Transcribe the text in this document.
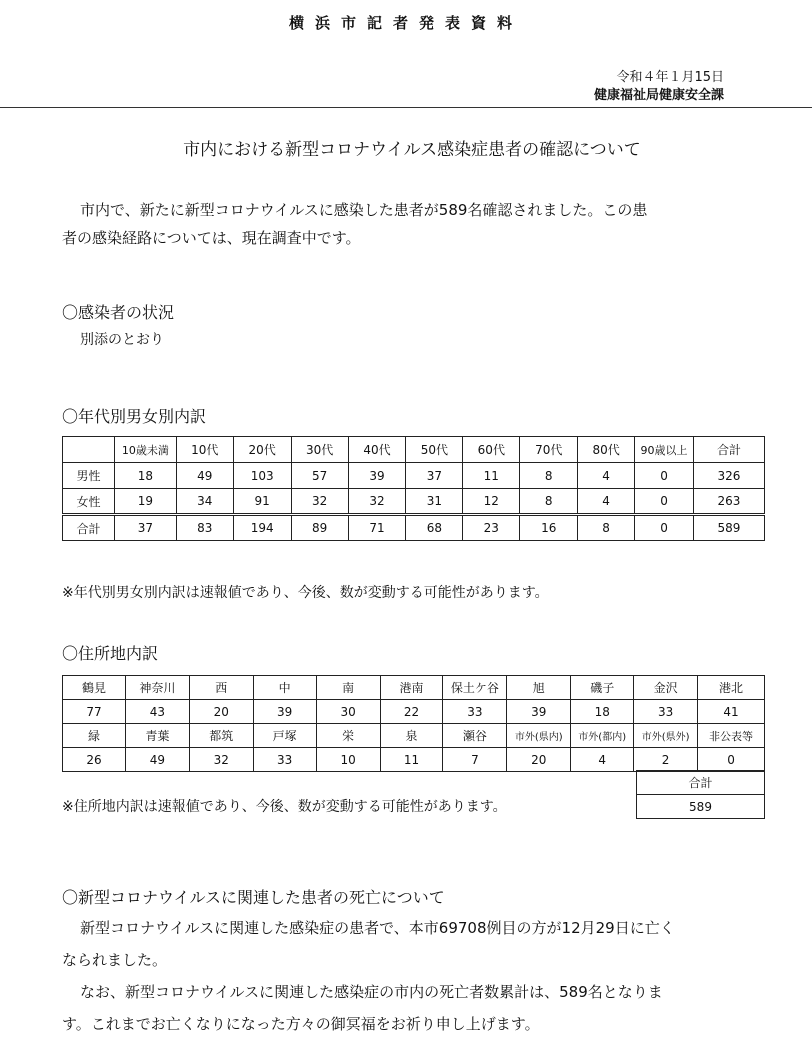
横浜市記者発表資料
令和４年１月15日
健康福祉局健康安全課
市内における新型コロナウイルス感染症患者の確認について
市内で、新たに新型コロナウイルスに感染した患者が589名確認されました。この患
者の感染経路については、現在調査中です。
〇感染者の状況
別添のとおり
〇年代別男女別内訳
	10歳未満	10代	20代	30代	40代	50代	60代	70代	80代	90歳以上	合計
男性	18	49	103	57	39	37	11	8	4	0	326
女性	19	34	91	32	32	31	12	8	4	0	263
合計	37	83	194	89	71	68	23	16	8	0	589
※年代別男女別内訳は速報値であり、今後、数が変動する可能性があります。
〇住所地内訳
鶴見	神奈川	西	中	南	港南	保土ケ谷	旭	磯子	金沢	港北
77	43	20	39	30	22	33	39	18	33	41
緑	青葉	都筑	戸塚	栄	泉	瀬谷	市外(県内)	市外(都内)	市外(県外)	非公表等
26	49	32	33	10	11	7	20	4	2	0
合計
589
※住所地内訳は速報値であり、今後、数が変動する可能性があります。
〇新型コロナウイルスに関連した患者の死亡について
新型コロナウイルスに関連した感染症の患者で、本市69708例目の方が12月29日に亡く
なられました。
なお、新型コロナウイルスに関連した感染症の市内の死亡者数累計は、589名となりま
す。これまでお亡くなりになった方々の御冥福をお祈り申し上げます。
